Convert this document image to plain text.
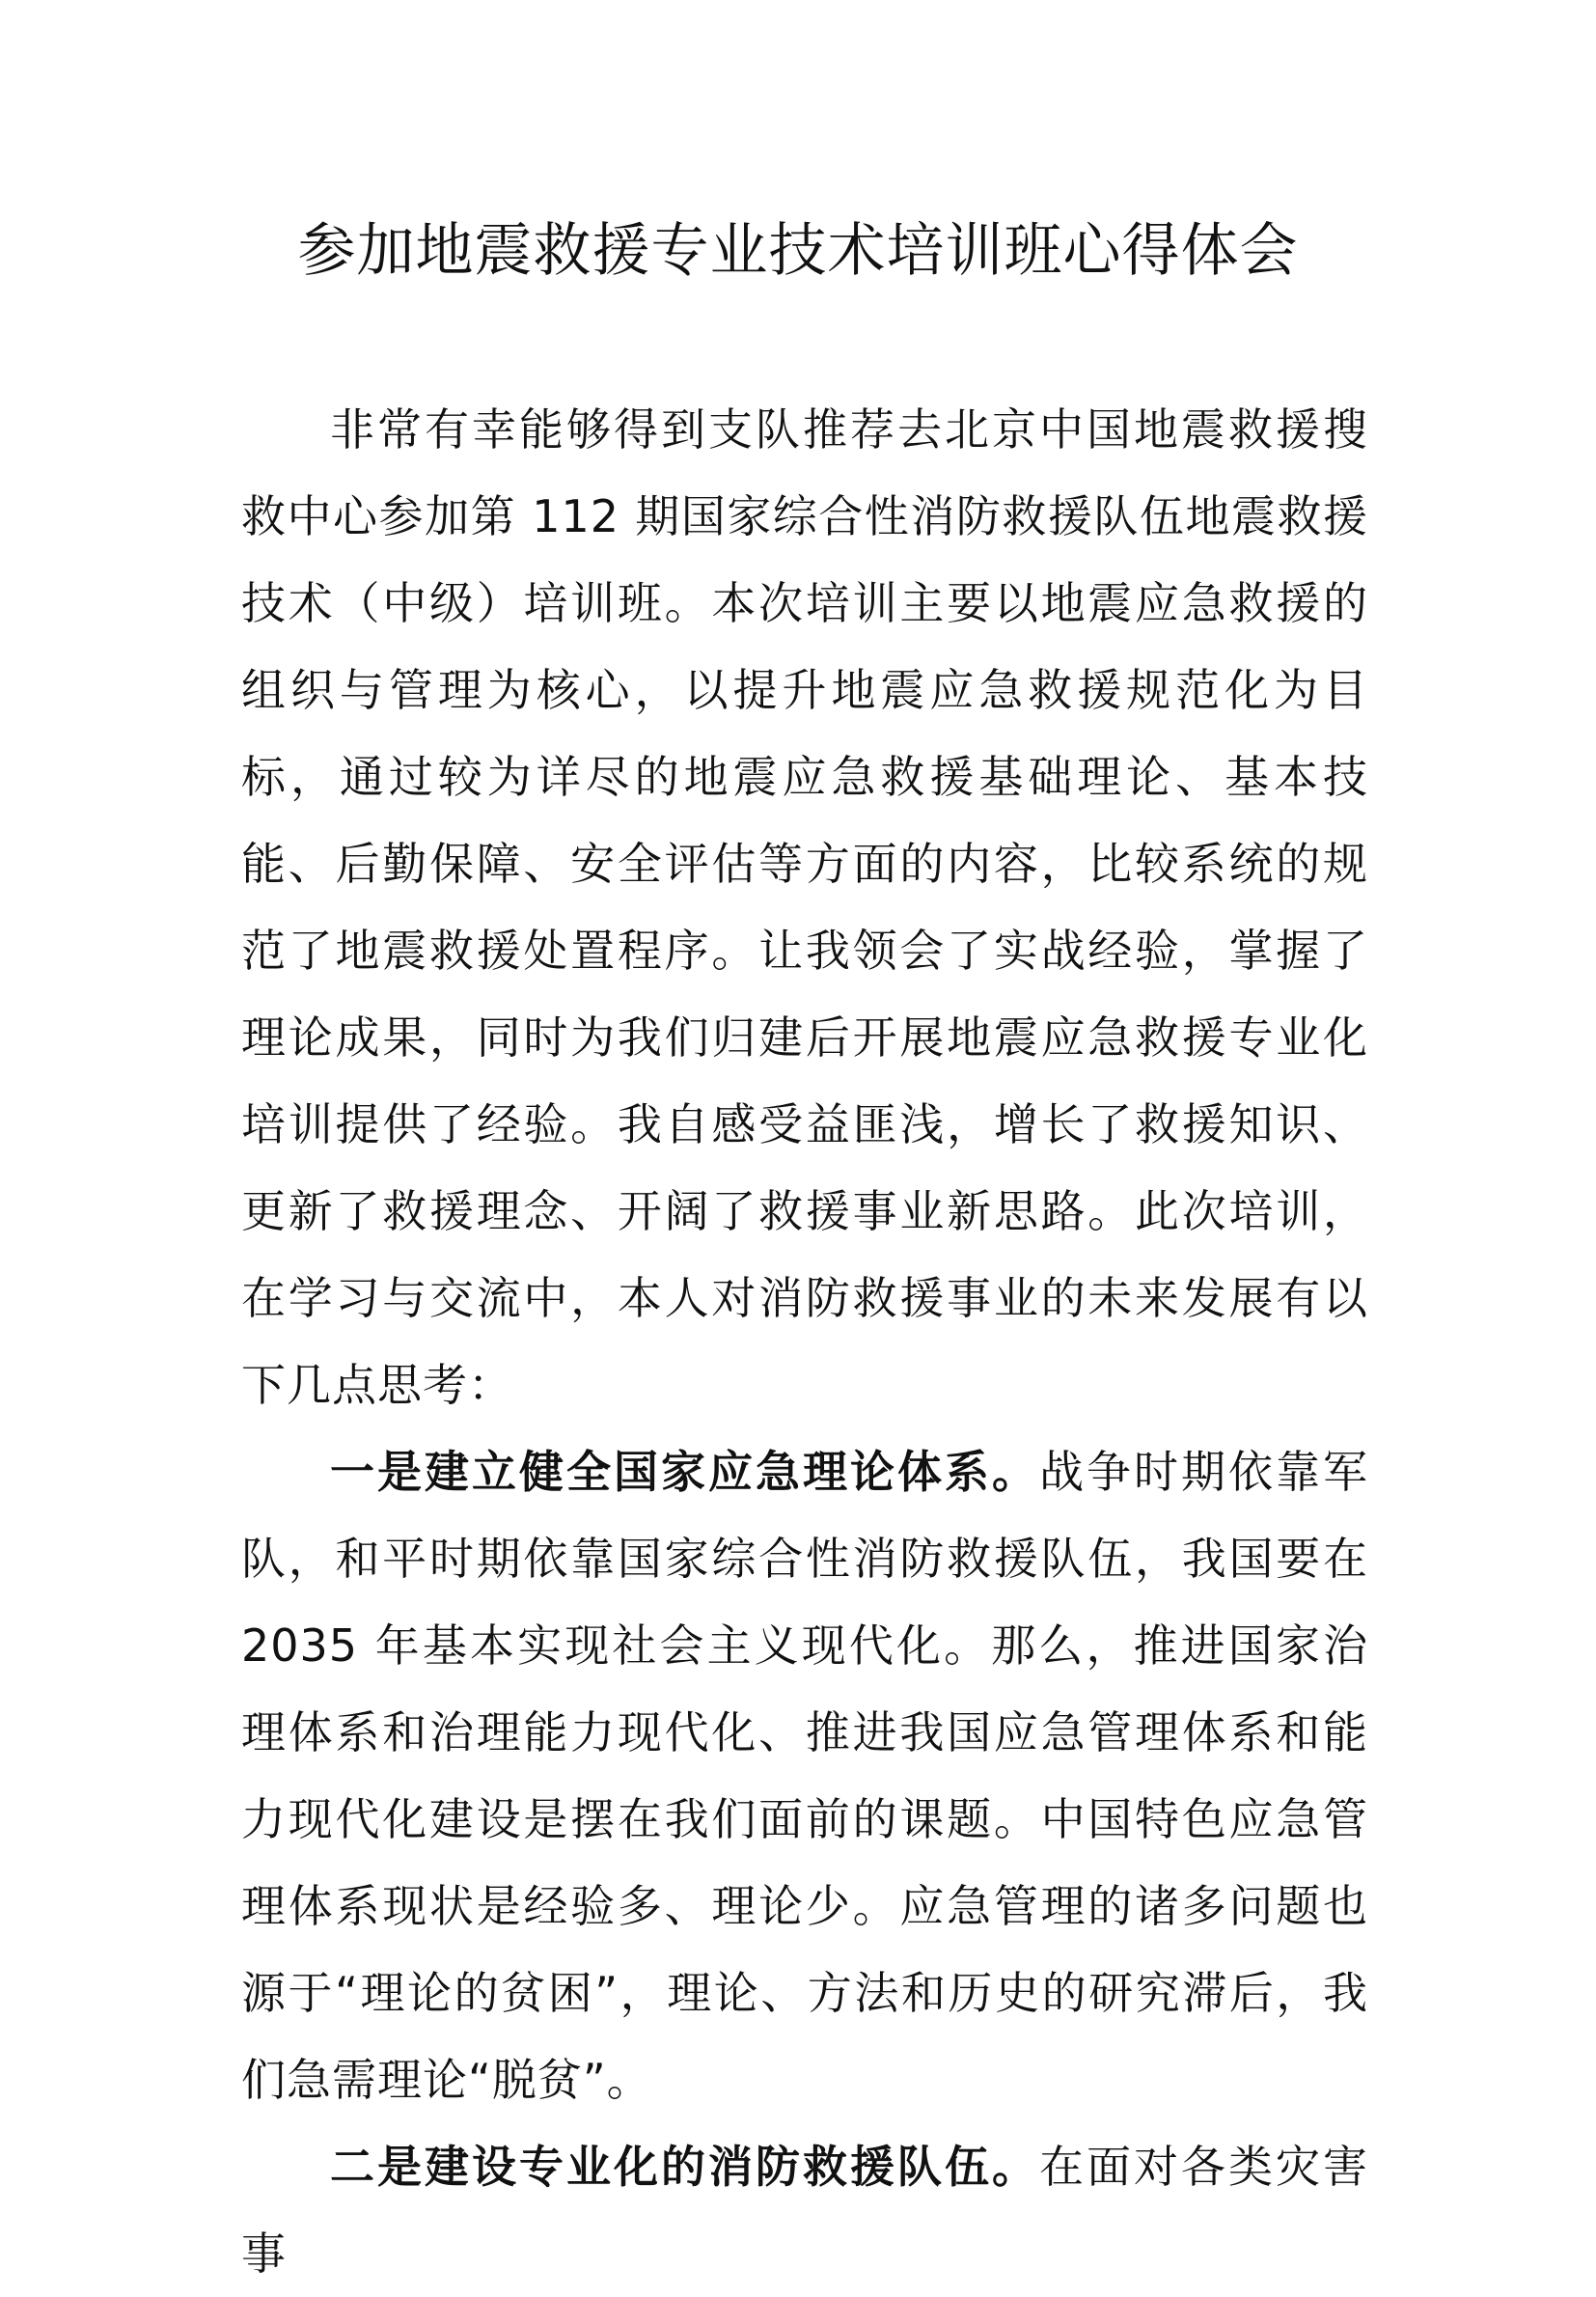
参加地震救援专业技术培训班心得体会

非常有幸能够得到支队推荐去北京中国地震救援搜救中心参加第 112 期国家综合性消防救援队伍地震救援技术（中级）培训班。本次培训主要以地震应急救援的组织与管理为核心，以提升地震应急救援规范化为目标，通过较为详尽的地震应急救援基础理论、基本技能、后勤保障、安全评估等方面的内容，比较系统的规范了地震救援处置程序。让我领会了实战经验，掌握了理论成果，同时为我们归建后开展地震应急救援专业化培训提供了经验。我自感受益匪浅，增长了救援知识、更新了救援理念、开阔了救援事业新思路。此次培训，在学习与交流中，本人对消防救援事业的未来发展有以下几点思考：

一是建立健全国家应急理论体系。战争时期依靠军队，和平时期依靠国家综合性消防救援队伍，我国要在 2035 年基本实现社会主义现代化。那么，推进国家治理体系和治理能力现代化、推进我国应急管理体系和能力现代化建设是摆在我们面前的课题。中国特色应急管理体系现状是经验多、理论少。应急管理的诸多问题也源于“理论的贫困”，理论、方法和历史的研究滞后，我们急需理论“脱贫”。

二是建设专业化的消防救援队伍。在面对各类灾害事
